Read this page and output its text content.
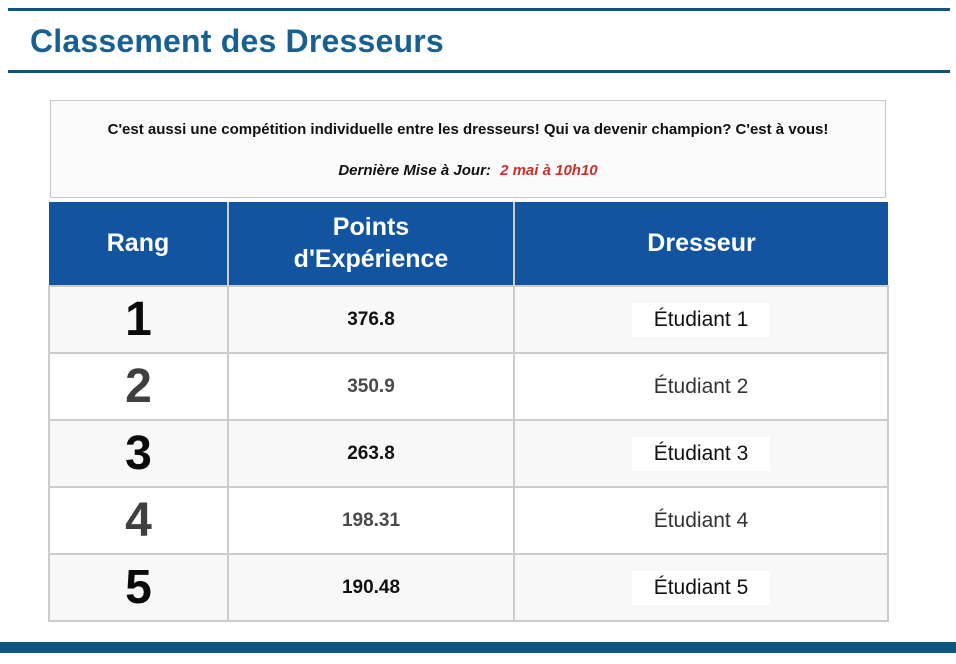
Classement des Dresseurs
C'est aussi une compétition individuelle entre les dresseurs! Qui va devenir champion? C'est à vous!
Dernière Mise à Jour: 2 mai à 10h10
Rang	Points d'Expérience	Dresseur
1	376.8	Étudiant 1
2	350.9	Étudiant 2
3	263.8	Étudiant 3
4	198.31	Étudiant 4
5	190.48	Étudiant 5
